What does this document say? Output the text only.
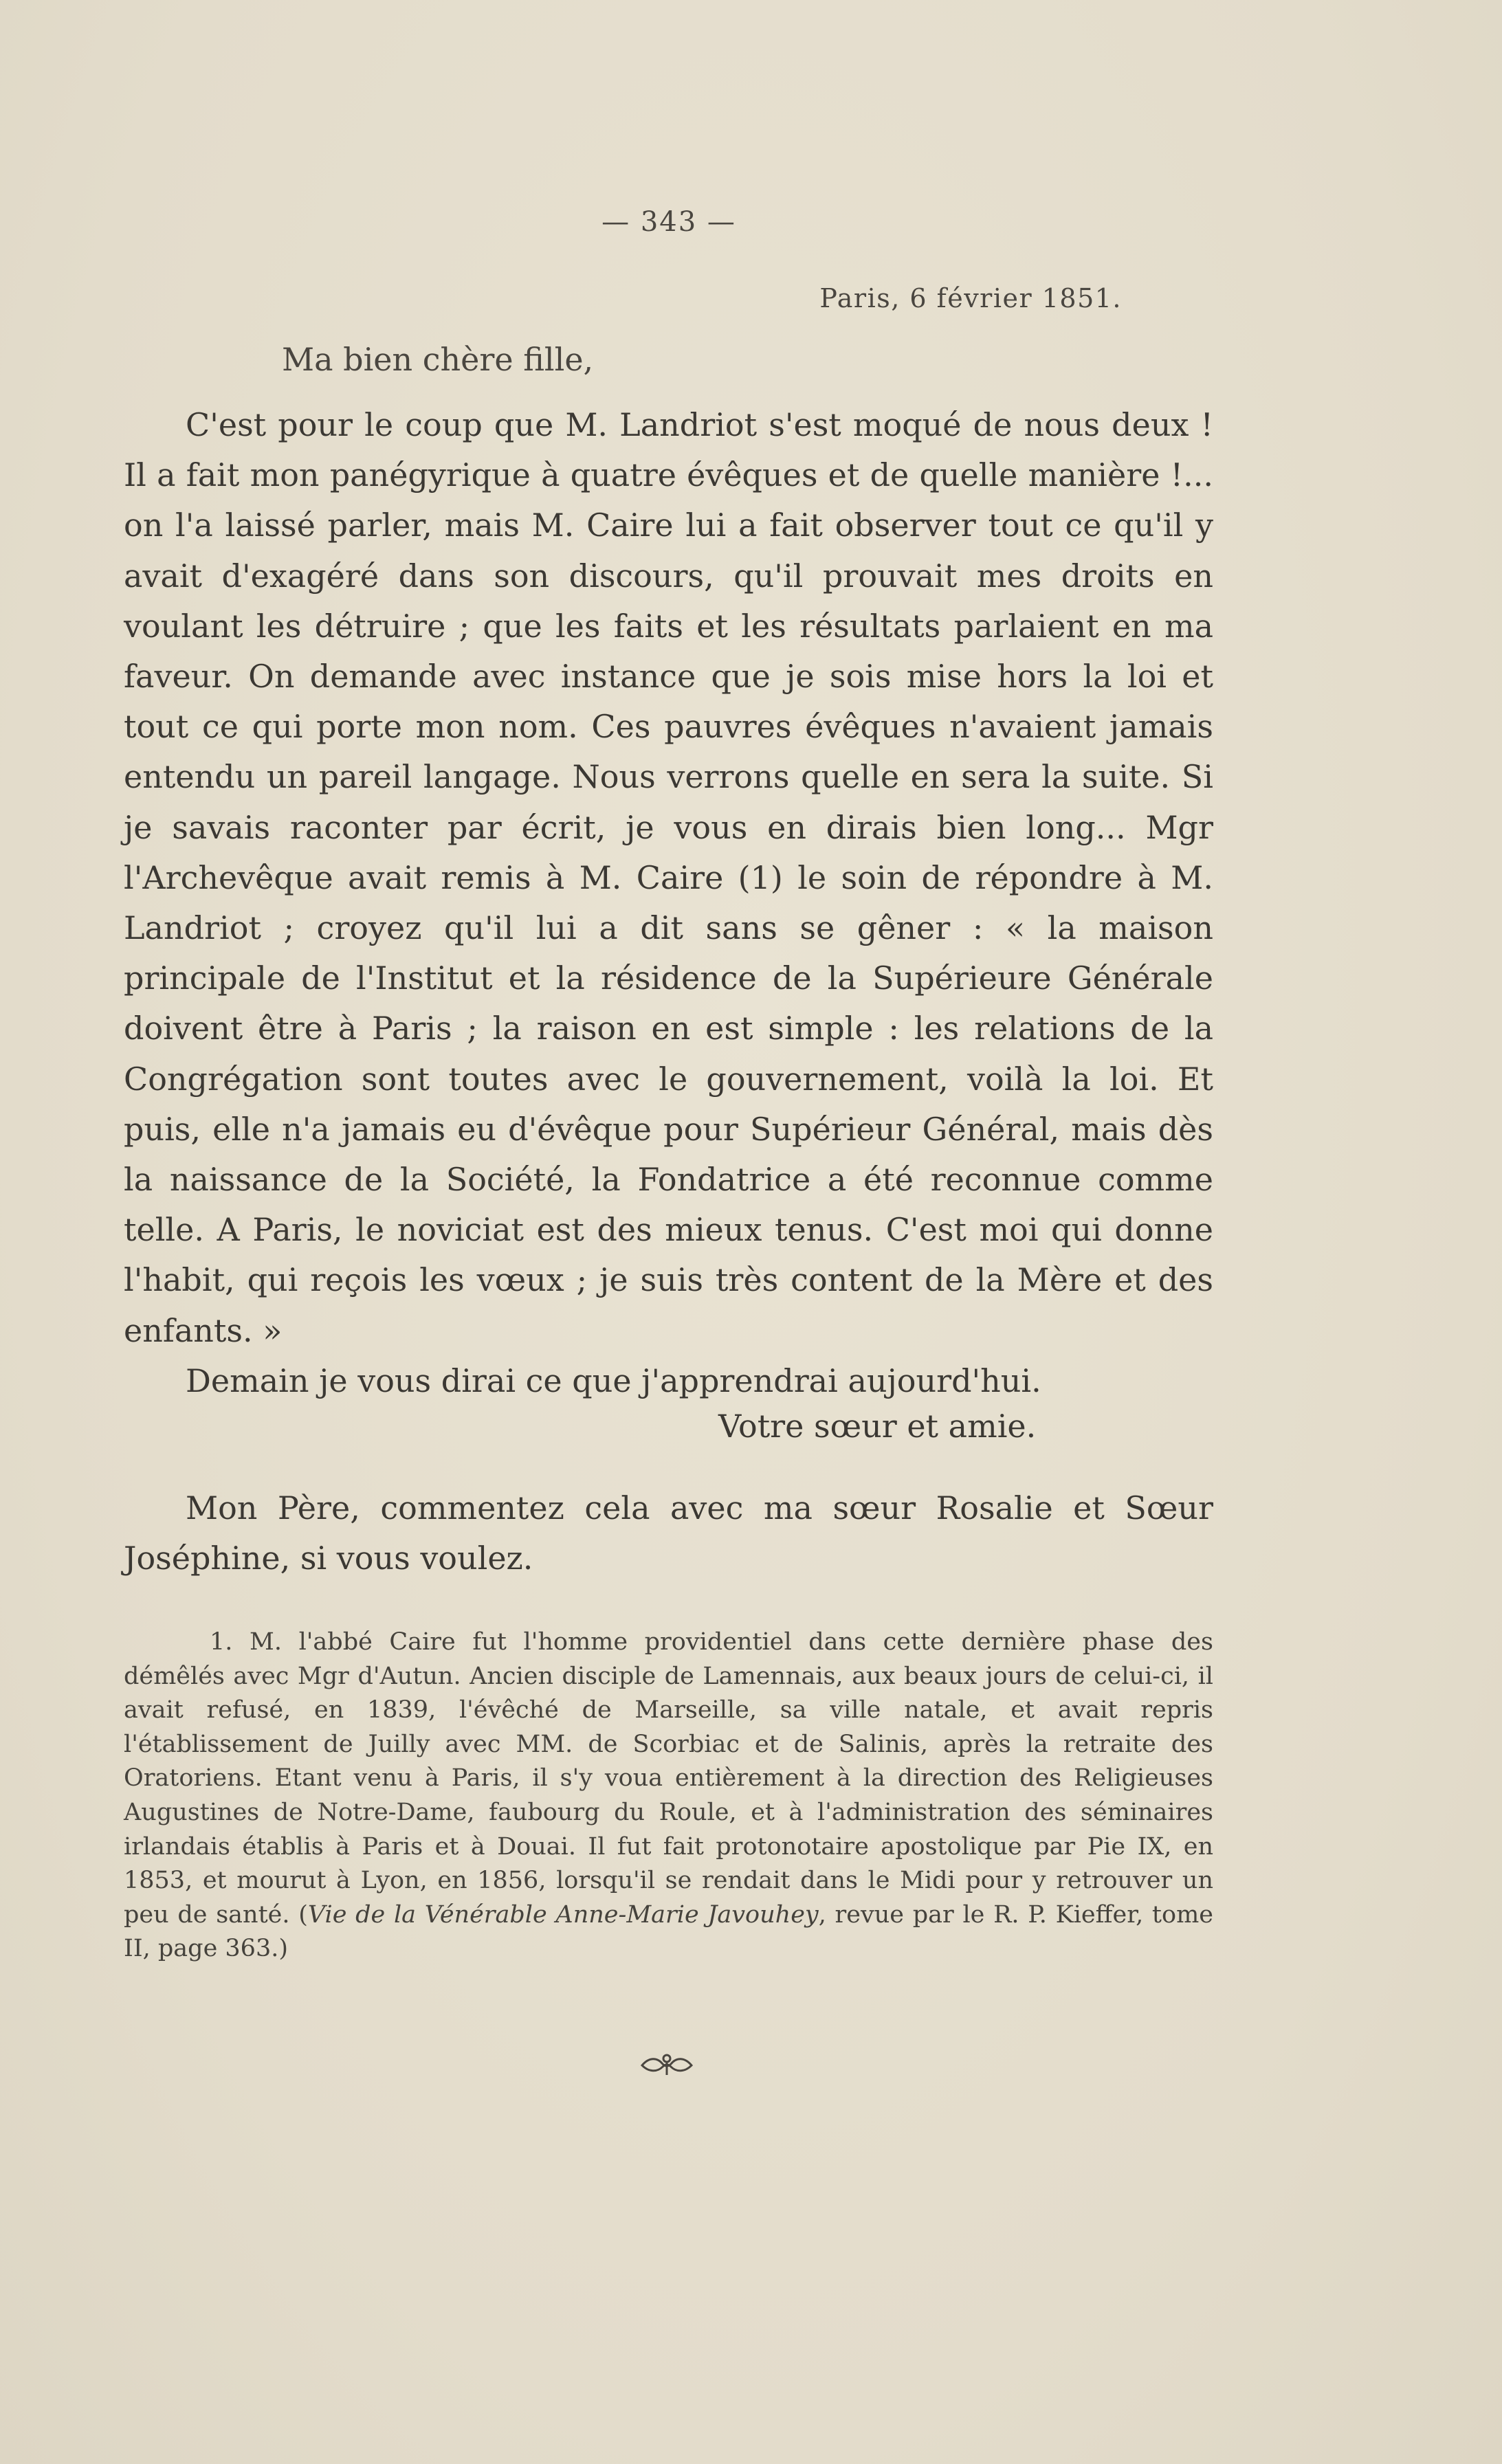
— 343 —
Paris, 6 février 1851.
Ma bien chère fille,

C'est pour le coup que M. Landriot s'est moqué de nous deux ! Il a fait mon panégyrique à quatre évêques et de quelle manière !... on l'a laissé parler, mais M. Caire lui a fait observer tout ce qu'il y avait d'exagéré dans son discours, qu'il prouvait mes droits en voulant les détruire ; que les faits et les résultats parlaient en ma faveur. On demande avec instance que je sois mise hors la loi et tout ce qui porte mon nom. Ces pauvres évêques n'avaient jamais entendu un pareil langage. Nous verrons quelle en sera la suite. Si je savais raconter par écrit, je vous en dirais bien long... Mgr l'Archevêque avait remis à M. Caire (1) le soin de répondre à M. Landriot ; croyez qu'il lui a dit sans se gêner : « la maison principale de l'Institut et la résidence de la Supérieure Générale doivent être à Paris ; la raison en est simple : les relations de la Congrégation sont toutes avec le gouvernement, voilà la loi. Et puis, elle n'a jamais eu d'évêque pour Supérieur Général, mais dès la naissance de la Société, la Fondatrice a été reconnue comme telle. A Paris, le noviciat est des mieux tenus. C'est moi qui donne l'habit, qui reçois les vœux ; je suis très content de la Mère et des enfants. »

Demain je vous dirai ce que j'apprendrai aujourd'hui.

Votre sœur et amie.

Mon Père, commentez cela avec ma sœur Rosalie et Sœur Joséphine, si vous voulez.

1. M. l'abbé Caire fut l'homme providentiel dans cette dernière phase des démêlés avec Mgr d'Autun. Ancien disciple de Lamennais, aux beaux jours de celui-ci, il avait refusé, en 1839, l'évêché de Marseille, sa ville natale, et avait repris l'établissement de Juilly avec MM. de Scorbiac et de Salinis, après la retraite des Oratoriens. Etant venu à Paris, il s'y voua entièrement à la direction des Religieuses Augustines de Notre-Dame, faubourg du Roule, et à l'administration des séminaires irlandais établis à Paris et à Douai. Il fut fait protonotaire apostolique par Pie IX, en 1853, et mourut à Lyon, en 1856, lorsqu'il se rendait dans le Midi pour y retrouver un peu de santé. (Vie de la Vénérable Anne-Marie Javouhey, revue par le R. P. Kieffer, tome II, page 363.)
